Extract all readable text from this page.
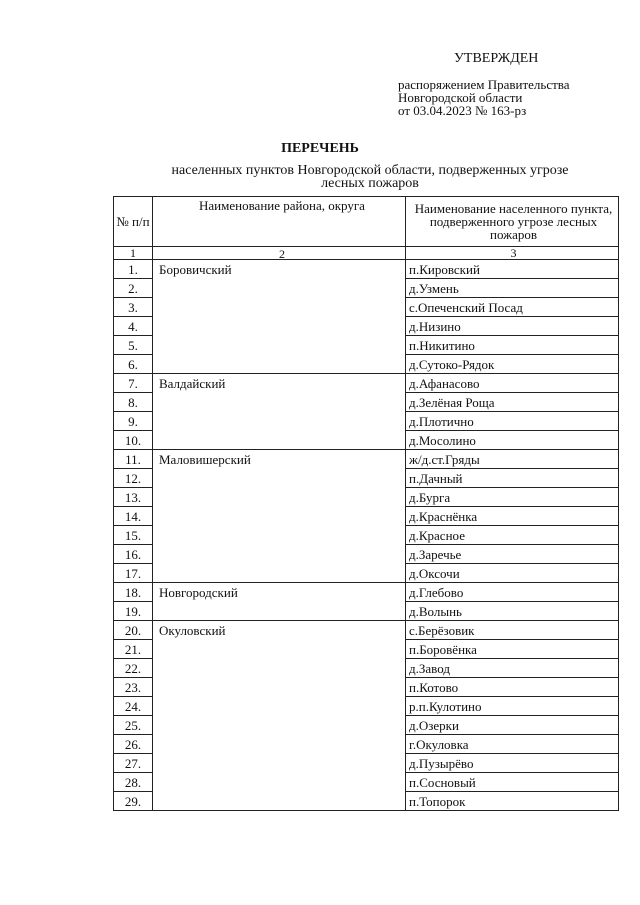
УТВЕРЖДЕН
распоряжением Правительства
Новгородской области
от 03.04.2023 № 163-рз
ПЕРЕЧЕНЬ
населенных пунктов Новгородской области, подверженных угрозе
лесных пожаров
№ п/п	Наименование района, округа	Наименование населенного пункта, подверженного угрозе лесных пожаров
1	2	3
1.	Боровичский	п.Кировский
2.		д.Узмень
3.		с.Опеченский Посад
4.		д.Низино
5.		п.Никитино
6.		д.Сутоко-Рядок
7.	Валдайский	д.Афанасово
8.		д.Зелёная Роща
9.		д.Плотично
10.		д.Мосолино
11.	Маловишерский	ж/д.ст.Гряды
12.		п.Дачный
13.		д.Бурга
14.		д.Краснёнка
15.		д.Красное
16.		д.Заречье
17.		д.Оксочи
18.	Новгородский	д.Глебово
19.		д.Волынь
20.	Окуловский	с.Берёзовик
21.		п.Боровёнка
22.		д.Завод
23.		п.Котово
24.		р.п.Кулотино
25.		д.Озерки
26.		г.Окуловка
27.		д.Пузырёво
28.		п.Сосновый
29.		п.Топорок
